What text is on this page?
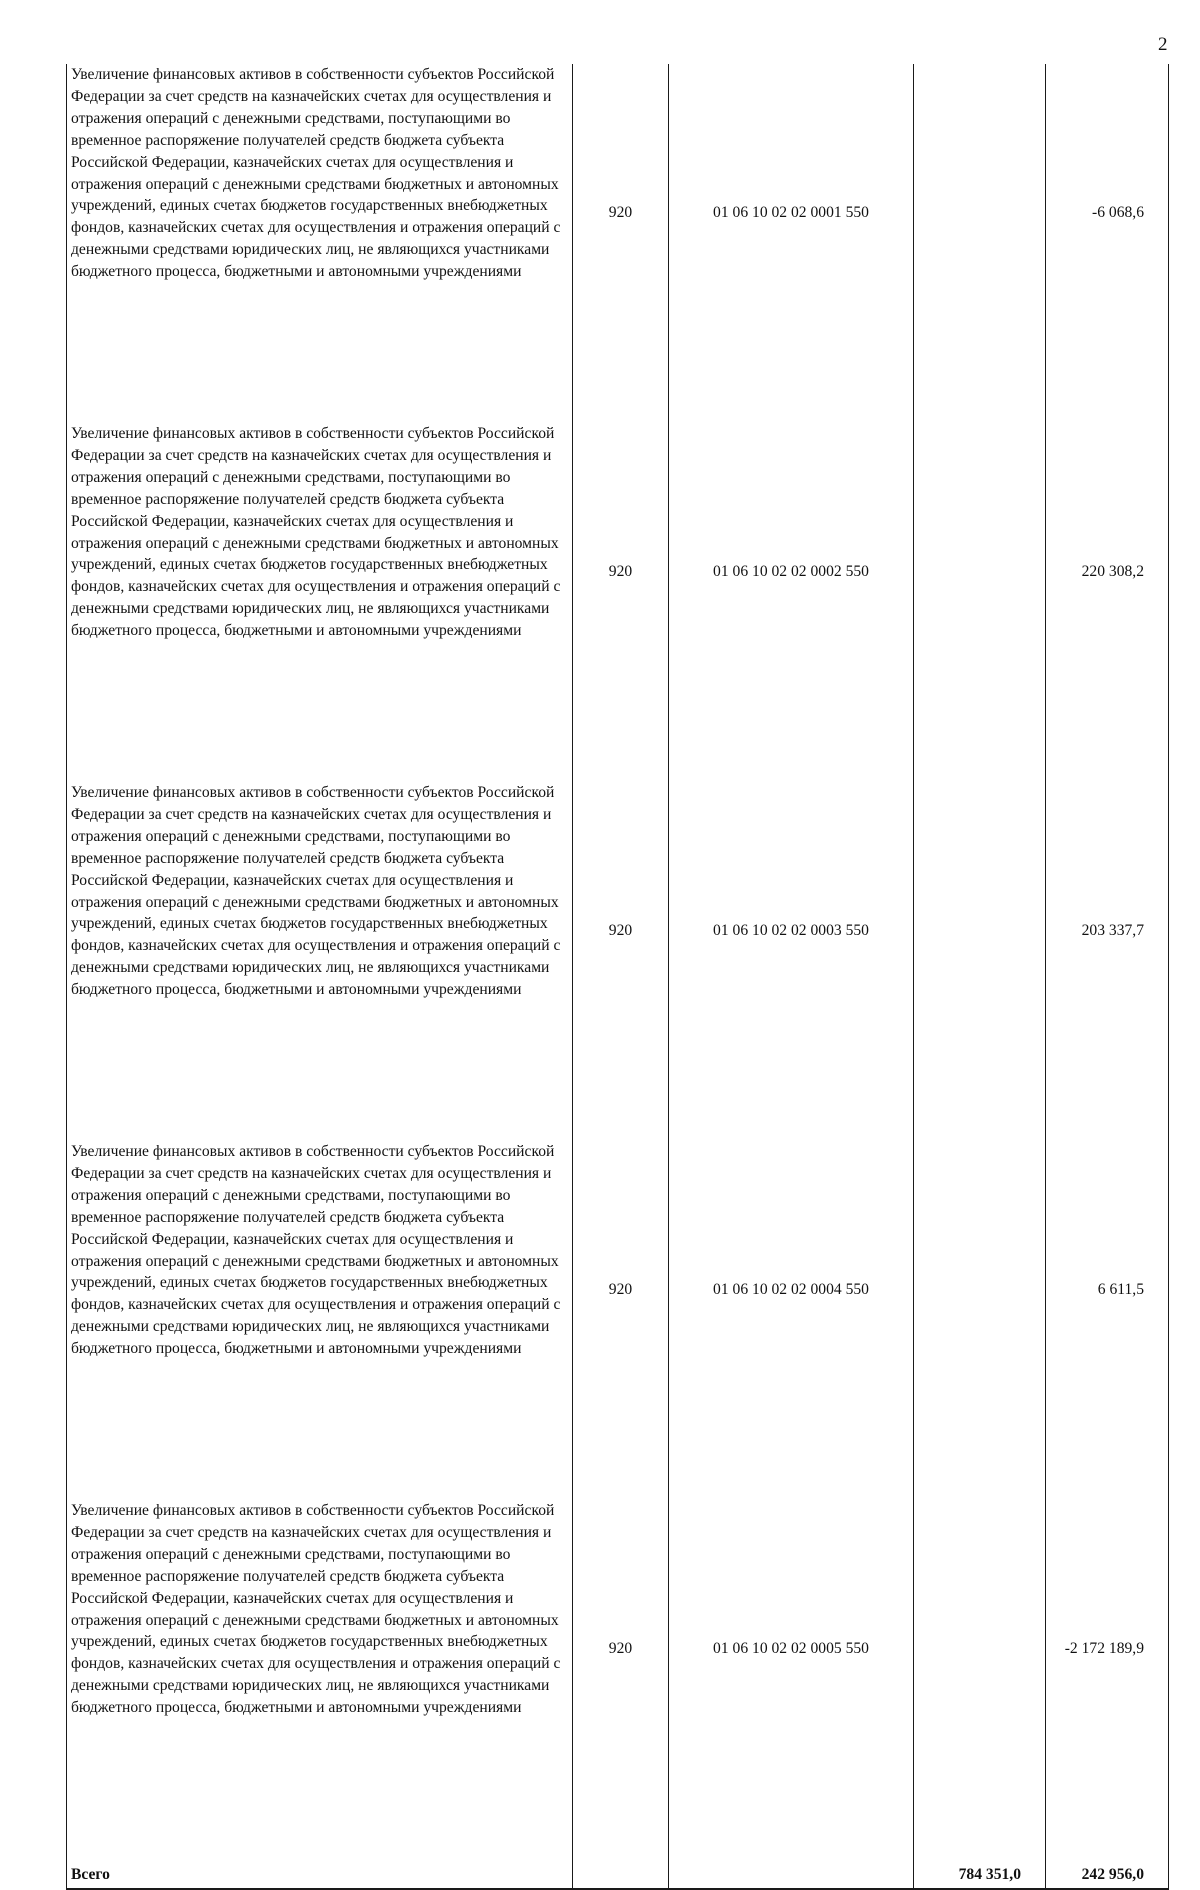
2
Увеличение финансовых активов в собственности субъектов Российской Федерации за счет средств на казначейских счетах для осуществления и отражения операций с денежными средствами, поступающими во временное распоряжение получателей средств бюджета субъекта Российской Федерации, казначейских счетах для осуществления и отражения операций с денежными средствами бюджетных и автономных учреждений, единых счетах бюджетов государственных внебюджетных фондов, казначейских счетах для осуществления и отражения операций с денежными средствами юридических лиц, не являющихся участниками бюджетного процесса, бюджетными и автономными учреждениями	920	01 06 10 02 02 0001 550		-6 068,6

Увеличение финансовых активов в собственности субъектов Российской Федерации за счет средств на казначейских счетах для осуществления и отражения операций с денежными средствами, поступающими во временное распоряжение получателей средств бюджета субъекта Российской Федерации, казначейских счетах для осуществления и отражения операций с денежными средствами бюджетных и автономных учреждений, единых счетах бюджетов государственных внебюджетных фондов, казначейских счетах для осуществления и отражения операций с денежными средствами юридических лиц, не являющихся участниками бюджетного процесса, бюджетными и автономными учреждениями	920	01 06 10 02 02 0002 550		220 308,2

Увеличение финансовых активов в собственности субъектов Российской Федерации за счет средств на казначейских счетах для осуществления и отражения операций с денежными средствами, поступающими во временное распоряжение получателей средств бюджета субъекта Российской Федерации, казначейских счетах для осуществления и отражения операций с денежными средствами бюджетных и автономных учреждений, единых счетах бюджетов государственных внебюджетных фондов, казначейских счетах для осуществления и отражения операций с денежными средствами юридических лиц, не являющихся участниками бюджетного процесса, бюджетными и автономными учреждениями	920	01 06 10 02 02 0003 550		203 337,7

Увеличение финансовых активов в собственности субъектов Российской Федерации за счет средств на казначейских счетах для осуществления и отражения операций с денежными средствами, поступающими во временное распоряжение получателей средств бюджета субъекта Российской Федерации, казначейских счетах для осуществления и отражения операций с денежными средствами бюджетных и автономных учреждений, единых счетах бюджетов государственных внебюджетных фондов, казначейских счетах для осуществления и отражения операций с денежными средствами юридических лиц, не являющихся участниками бюджетного процесса, бюджетными и автономными учреждениями	920	01 06 10 02 02 0004 550		6 611,5

Увеличение финансовых активов в собственности субъектов Российской Федерации за счет средств на казначейских счетах для осуществления и отражения операций с денежными средствами, поступающими во временное распоряжение получателей средств бюджета субъекта Российской Федерации, казначейских счетах для осуществления и отражения операций с денежными средствами бюджетных и автономных учреждений, единых счетах бюджетов государственных внебюджетных фондов, казначейских счетах для осуществления и отражения операций с денежными средствами юридических лиц, не являющихся участниками бюджетного процесса, бюджетными и автономными учреждениями	920	01 06 10 02 02 0005 550		-2 172 189,9
Всего			784 351,0	242 956,0
